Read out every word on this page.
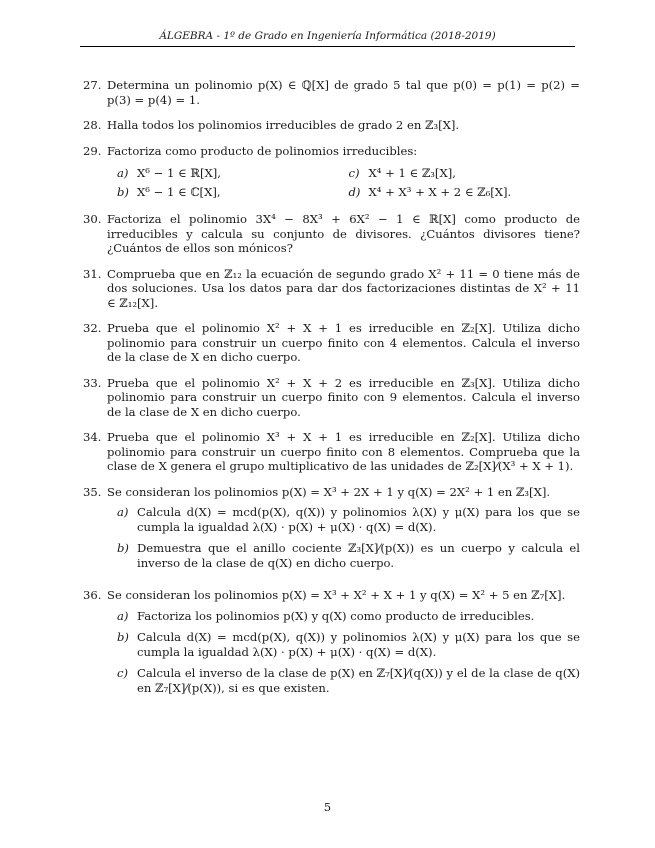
ÁLGEBRA - 1º de Grado en Ingeniería Informática (2018-2019)
27. Determina un polinomio p(X) ∈ ℚ[X] de grado 5 tal que p(0) = p(1) = p(2) = p(3) = p(4) = 1.
28. Halla todos los polinomios irreducibles de grado 2 en ℤ₃[X].
29. Factoriza como producto de polinomios irreducibles:
a) X⁶ − 1 ∈ ℝ[X],	c) X⁴ + 1 ∈ ℤ₃[X],
b) X⁶ − 1 ∈ ℂ[X],	d) X⁴ + X³ + X + 2 ∈ ℤ₆[X].
30. Factoriza el polinomio 3X⁴ − 8X³ + 6X² − 1 ∈ ℝ[X] como producto de irreducibles y calcula su conjunto de divisores. ¿Cuántos divisores tiene? ¿Cuántos de ellos son mónicos?
31. Comprueba que en ℤ₁₂ la ecuación de segundo grado X² + 11 = 0 tiene más de dos soluciones. Usa los datos para dar dos factorizaciones distintas de X² + 11 ∈ ℤ₁₂[X].
32. Prueba que el polinomio X² + X + 1 es irreducible en ℤ₂[X]. Utiliza dicho polinomio para construir un cuerpo finito con 4 elementos. Calcula el inverso de la clase de X en dicho cuerpo.
33. Prueba que el polinomio X² + X + 2 es irreducible en ℤ₃[X]. Utiliza dicho polinomio para construir un cuerpo finito con 9 elementos. Calcula el inverso de la clase de X en dicho cuerpo.
34. Prueba que el polinomio X³ + X + 1 es irreducible en ℤ₂[X]. Utiliza dicho polinomio para construir un cuerpo finito con 8 elementos. Comprueba que la clase de X genera el grupo multiplicativo de las unidades de ℤ₂[X]⁄(X³ + X + 1).
35. Se consideran los polinomios p(X) = X³ + 2X + 1 y q(X) = 2X² + 1 en ℤ₃[X].
a) Calcula d(X) = mcd(p(X), q(X)) y polinomios λ(X) y μ(X) para los que se cumpla la igualdad λ(X) · p(X) + μ(X) · q(X) = d(X).
b) Demuestra que el anillo cociente ℤ₃[X]⁄(p(X)) es un cuerpo y calcula el inverso de la clase de q(X) en dicho cuerpo.
36. Se consideran los polinomios p(X) = X³ + X² + X + 1 y q(X) = X² + 5 en ℤ₇[X].
a) Factoriza los polinomios p(X) y q(X) como producto de irreducibles.
b) Calcula d(X) = mcd(p(X), q(X)) y polinomios λ(X) y μ(X) para los que se cumpla la igualdad λ(X) · p(X) + μ(X) · q(X) = d(X).
c) Calcula el inverso de la clase de p(X) en ℤ₇[X]⁄(q(X)) y el de la clase de q(X) en ℤ₇[X]⁄(p(X)), si es que existen.
5
